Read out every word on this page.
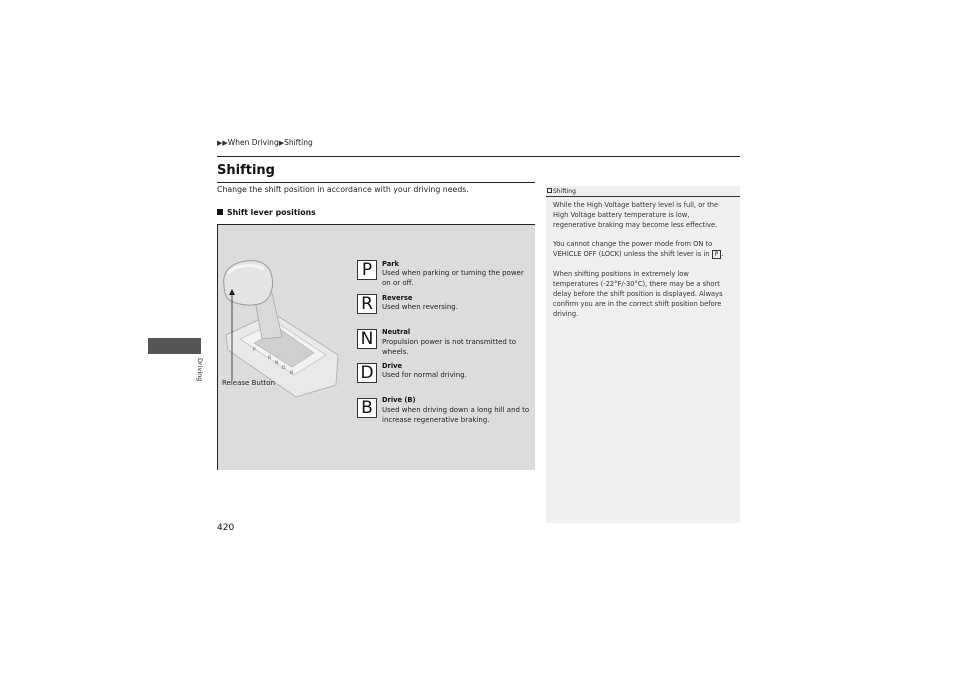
▶▶When Driving▶Shifting
Shifting
Change the shift position in accordance with your driving needs.
Shift lever positions
P
R
N
D
B
Release Button
P	Park
Used when parking or turning the power on or off.
R	Reverse
Used when reversing.
N	Neutral
Propulsion power is not transmitted to wheels.
D	Drive
Used for normal driving.
B	Drive (B)
Used when driving down a long hill and to increase regenerative braking.
Driving
420
Shifting
While the High Voltage battery level is full, or the High Voltage battery temperature is low, regenerative braking may become less effective.
You cannot change the power mode from ON to VEHICLE OFF (LOCK) unless the shift lever is in P .
When shifting positions in extremely low temperatures (-22°F/-30°C), there may be a short delay before the shift position is displayed. Always confirm you are in the correct shift position before driving.
